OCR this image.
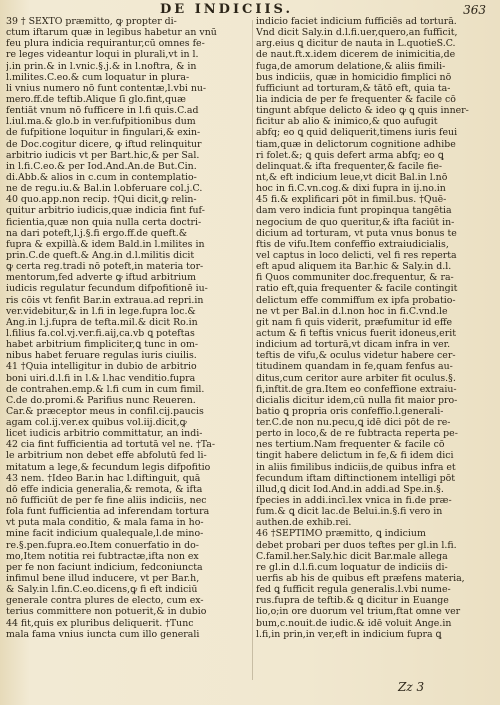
DE INDICIIS.	363
39 † SEXTO præmitto, ꝙ propter di-
ctum iftarum quæ in legibus habetur an vnū
feu plura indicia requirantur,cū omnes fe-
re leges videantur loqui in plurali,vt in l.
j.in prin.& in l.vnic.§.j.& in l.noftra, & in
l.milites.C.eo.& cum loquatur in plura-
li vnius numero nō funt contentæ,l.vbi nu-
mero.ff.de teftib.Alique ſi glo.fint,quæ
fentiāt vnum nō fufficere in l.fi quis.C.ad
l.iul.ma.& glo.b in ver.fufpitionibus dum
de fufpitione loquitur in fingulari,& exin-
de Doc.cogitur dicere, ꝙ iftud relinquitur
arbitrio iudicis vt per Bart.hic,& per Sal.
in l.fi.C.eo.& per Iod.And.An.de But.Cin.
di.Abb.& alios in c.cum in contemplatio-
ne de regu.iu.& Bal.in l.obferuare col.j.C.
40 quo.app.non recip. †Qui dicit,ꝙ relin-
quitur arbitrio iudicis,quæ indicia fint fuf-
ficientia,quæ non quia nulla certa doctri-
na dari poteft,l.j.§.fi ergo.ff.de queft.&
fupra & expillà.& idem Bald.in l.milites in
prin.C.de queft.& Ang.in d.l.militis dicit
ꝙ certa reg.tradi nō poteft,in materia tor-
mentorum,fed adverte ꝙ iftud arbitrium
iudicis regulatur fecundum difpofitionē iu-
ris cōis vt fenfit Bar.in extraua.ad repri.in
ver.videbitur,& in l.fi in lege.fupra loc.&
Ang.in l.j.fupra de tefta.mil.& dicit Ro.in
l.filius fa.col.vj.ver.fi.aij,ca.vb ꝗ poteftas
habet arbitrium fimpliciter,ꝗ tunc in om-
nibus habet feruare regulas iuris ciuilis.
41 †Quia intelligitur in dubio de arbitrio
boni uiri.d.l.fi in l.& l.hac venditio.fupra
de contrahen.emp.& l.fi cum in cum fimil.
C.de do.promi.& Parifius nunc Reueren.
Car.& præceptor meus in confil.cij.paucis
agam col.ij.ver.ex quibus vol.iij.dicit,ꝙ
licet iudicis arbitrio committatur, an indi-
42 cia fint fufficientia ad tortutā vel ne. †Ta-
le arbitrium non debet effe abfolutū fed li-
mitatum a lege,& fecundum legis difpofitio
43 nem. †Ideo Bar.in hac l.diftinguit, quā
dō effe indicia generalia,& remota, & ifta
nō fufficiūt de per fe fine aliis indiciis, nec
fola funt fufficientia ad inferendam tortura
vt puta mala conditio, & mala fama in ho-
mine facit indicium qualequale,l.de mino-
re.§.pen.fupra.eo.Item conuerfatio in do-
mo,Item notitia rei fubtractæ,ifta non ex
per fe non faciunt indicium, fedconiuncta
infimul bene illud inducere, vt per Bar.h,
& Saly.in l.fin.C.eo.dicens,ꝙ fi eft indiciū
generale contra plures de electo, cum ex-
terius committere non potuerit,& in dubio
44 fit,quis ex pluribus deliquerit. †Tunc
mala fama vnius iuncta cum illo generali
indicio faciet indicium fufficiēs ad torturā.
Vnd dicit Saly.in d.l.fi.uer,quero,an fufficit,
arg.eius ꝗ dicitur de nauta in L.quotieS.C.
de naut.ft.x.idem dicerem de inimicitia,de
fuga,de amorum delatione,& aliis fimili-
bus indiciis, quæ in homicidio fimplici nō
fufficiunt ad torturam,& tātō eft, quia ta-
lia indicia de per fe frequenter & facile cō
tingunt abfque delicto & ideo ꝙ ꝗ quis inner-
ficitur ab alio & inimico,& quo aufugit
abfq; eo ꝗ quid deliquerit,timens iuris feui
tiam,quæ in delictorum cognitione adhibe
ri folet.&; ꝗ quis defert arma abfq; eo ꝗ
delinquat.& ifta frequenter,& facile fie-
nt,& eft indicium leue,vt dicit Bal.in l.nō
hoc in fi.C.vn.cog.& dixi fupra in ij.no.in
45 fi.& explificari pōt in fimil.bus. †Quē-
dam vero indicia funt propinqua tangētia
negocium de quo queritur,& ifta faciūt in-
dicium ad torturam, vt puta vnus bonus te
ftis de vifu.Item confeffio extraiudicialis,
vel captus in loco delicti, vel fi res reperta
eft apud aliquem ita Bar.hic & Saly.in d.l.
fi Quos communiter doc.frequentur, & ra-
ratio eft,quia frequenter & facile contingit
delictum effe commiffum ex ipfa probatio-
ne vt per Bal.in d.l.non hoc in fi.C.vnd.le
git nam fi quis viderit, præfumitur id effe
actum & fi teftis vnicus fuerit idoneus,erit
indicium ad torturā,vt dicam infra in ver.
teftis de vifu,& oculus videtur habere cer-
titudinem quandam in fe,quam fenfus au-
ditus,cum ceritor aure arbiter fit oculus.§.
fi,inftit.de gra.Item eo confeffione extraiu-
dicialis dicitur idem,cū nulla fit maior pro-
batio ꝗ propria oris confeffio.l.generali-
ter.C.de non nu.pecu,ꝗ idē dici pōt de re-
perto in loco,& de re fubtracta reperta pe-
nes tertium.Nam frequenter & facile cō
tingit habere delictum in fe,& fi idem dici
in aliis fimilibus indiciis,de quibus infra et
fecundum iftam diftinctionem intelligi pōt
illud,ꝗ dicit Iod.And.in addi.ad Spe.in.§.
fpecies in addi.incī.lex vnica in fi.de præ-
fum.& ꝗ dicit lac.de Belui.in.§.fi vero in
authen.de exhib.rei.
46 †SEPTIMO præmitto, ꝗ indicium
debet probari per duos teftes per gl.in l.fi.
C.famil.her.Saly.hic dicit Bar.male allega
re gl.in d.l.fi.cum loquatur de indiciis di-
uerfis ab his de quibus eft præfens materia,
fed ꝗ fufficit regula generalis.l.vbi nume-
rus.fupra de teftib.& ꝗ dicitur in Euange
lio,o;in ore duorum vel trium,ftat omne ver
bum,c.nouit.de iudic.& idē voluit Ange.in
l.fi,in prin,in ver,eft in indicium fupra ꝗ
Zz 3
